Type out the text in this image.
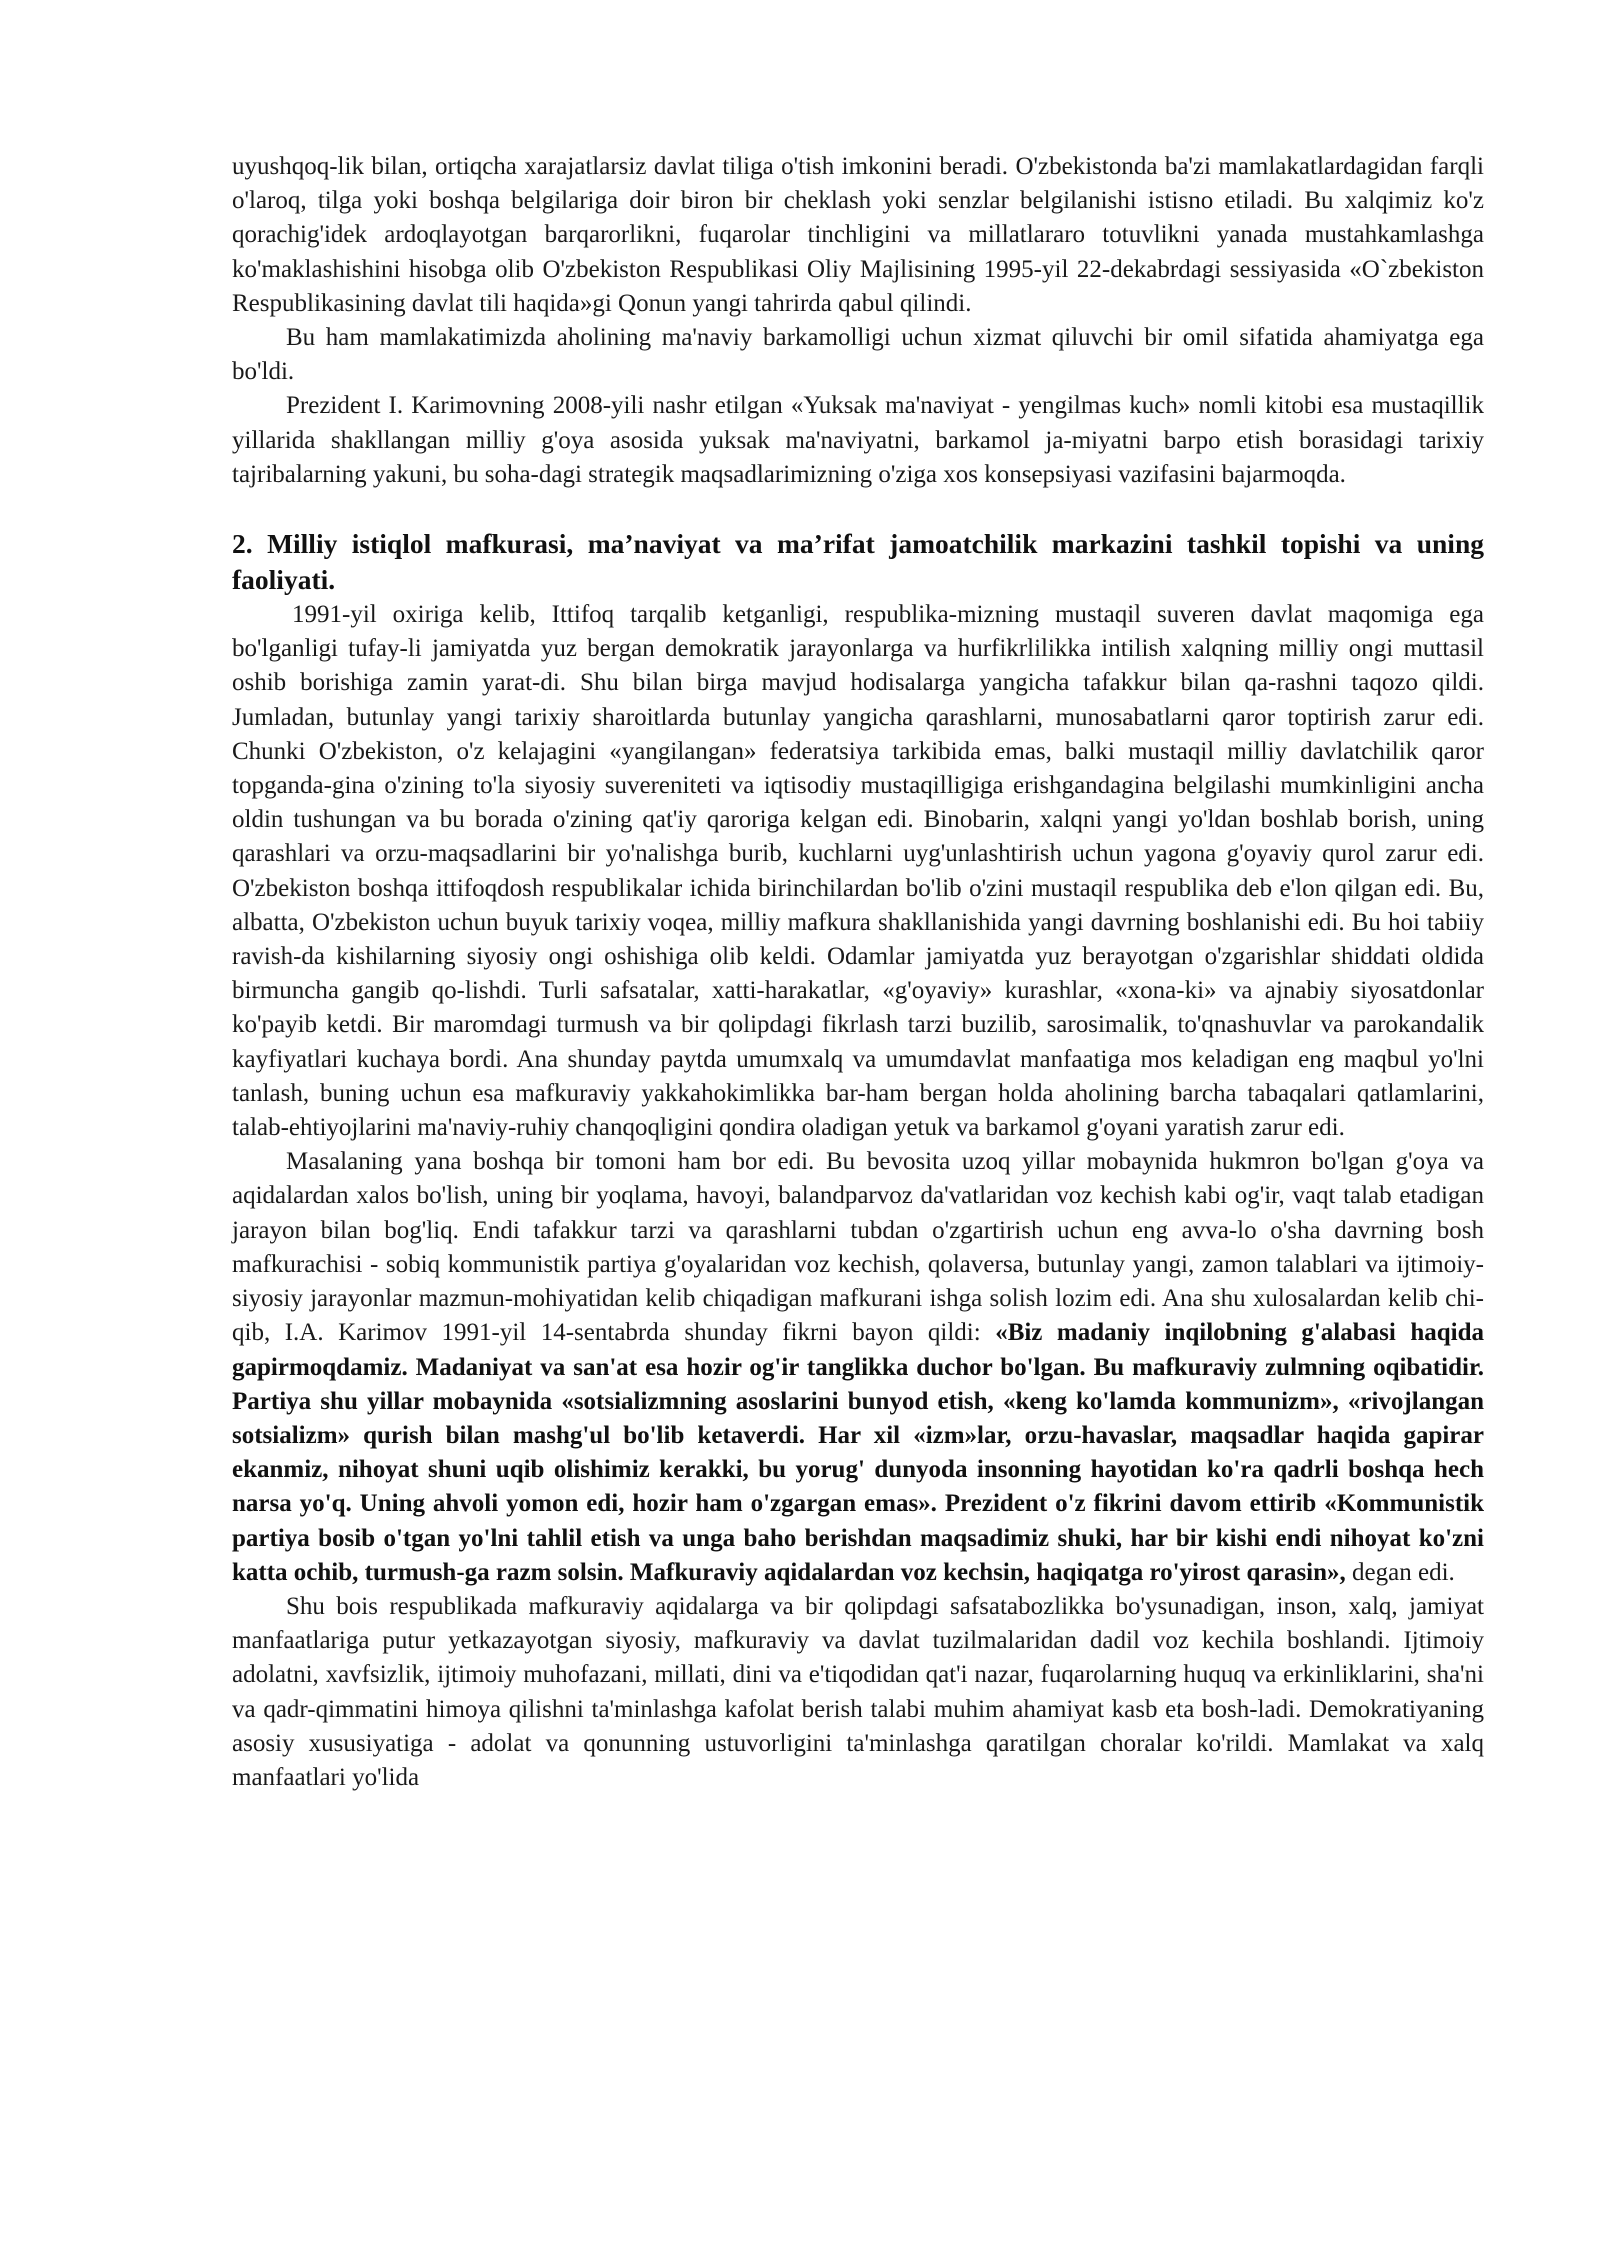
uyushqoq-lik bilan, ortiqcha xarajatlarsiz davlat tiliga o'tish imkonini beradi. O'zbekistonda ba'zi mamlakatlardagidan farqli o'laroq, tilga yoki boshqa belgilariga doir biron bir cheklash yoki senzlar belgilanishi istisno etiladi. Bu xalqimiz ko'z qorachig'idek ardoqlayotgan barqarorlikni, fuqarolar tinchligini va millatlararo totuvlikni yanada mustahkamlashga ko'maklashishini hisobga olib O'zbekiston Respublikasi Oliy Majlisining 1995-yil 22-dekabrdagi sessiyasida «O`zbekiston Respublikasining davlat tili haqida»gi Qonun yangi tahrirda qabul qilindi.

Bu ham mamlakatimizda aholining ma'naviy barkamolligi uchun xizmat qiluvchi bir omil sifatida ahamiyatga ega bo'ldi.

Prezident I. Karimovning 2008-yili nashr etilgan «Yuksak ma'naviyat - yengilmas kuch» nomli kitobi esa mustaqillik yillarida shakllangan milliy g'oya asosida yuksak ma'naviyatni, barkamol ja-miyatni barpo etish borasidagi tarixiy tajribalarning yakuni, bu soha-dagi strategik maqsadlarimizning o'ziga xos konsepsiyasi vazifasini bajarmoqda.

2. Milliy istiqlol mafkurasi, ma’naviyat va ma’rifat jamoatchilik markazini tashkil topishi va uning faoliyati.

1991-yil oxiriga kelib, Ittifoq tarqalib ketganligi, respublika-mizning mustaqil suveren davlat maqomiga ega bo'lganligi tufay-li jamiyatda yuz bergan demokratik jarayonlarga va hurfikrlilikka intilish xalqning milliy ongi muttasil oshib borishiga zamin yarat-di. Shu bilan birga mavjud hodisalarga yangicha tafakkur bilan qa-rashni taqozo qildi. Jumladan, butunlay yangi tarixiy sharoitlarda butunlay yangicha qarashlarni, munosabatlarni qaror toptirish zarur edi. Chunki O'zbekiston, o'z kelajagini «yangilangan» federatsiya tarkibida emas, balki mustaqil milliy davlatchilik qaror topganda-gina o'zining to'la siyosiy suvereniteti va iqtisodiy mustaqilligiga erishgandagina belgilashi mumkinligini ancha oldin tushungan va bu borada o'zining qat'iy qaroriga kelgan edi. Binobarin, xalqni yangi yo'ldan boshlab borish, uning qarashlari va orzu-maqsadlarini bir yo'nalishga burib, kuchlarni uyg'unlashtirish uchun yagona g'oyaviy qurol zarur edi. O'zbekiston boshqa ittifoqdosh respublikalar ichida birinchilardan bo'lib o'zini mustaqil respublika deb e'lon qilgan edi. Bu, albatta, O'zbekiston uchun buyuk tarixiy voqea, milliy mafkura shakllanishida yangi davrning boshlanishi edi. Bu hoi tabiiy ravish-da kishilarning siyosiy ongi oshishiga olib keldi. Odamlar jamiyatda yuz berayotgan o'zgarishlar shiddati oldida birmuncha gangib qo-lishdi. Turli safsatalar, xatti-harakatlar, «g'oyaviy» kurashlar, «xona-ki» va ajnabiy siyosatdonlar ko'payib ketdi. Bir maromdagi turmush va bir qolipdagi fikrlash tarzi buzilib, sarosimalik, to'qnashuvlar va parokandalik kayfiyatlari kuchaya bordi. Ana shunday paytda umumxalq va umumdavlat manfaatiga mos keladigan eng maqbul yo'lni tanlash, buning uchun esa mafkuraviy yakkahokimlikka bar-ham bergan holda aholining barcha tabaqalari qatlamlarini, talab-ehtiyojlarini ma'naviy-ruhiy chanqoqligini qondira oladigan yetuk va barkamol g'oyani yaratish zarur edi.

Masalaning yana boshqa bir tomoni ham bor edi. Bu bevosita uzoq yillar mobaynida hukmron bo'lgan g'oya va aqidalardan xalos bo'lish, uning bir yoqlama, havoyi, balandparvoz da'vatlaridan voz kechish kabi og'ir, vaqt talab etadigan jarayon bilan bog'liq. Endi tafakkur tarzi va qarashlarni tubdan o'zgartirish uchun eng avva-lo o'sha davrning bosh mafkurachisi - sobiq kommunistik partiya g'oyalaridan voz kechish, qolaversa, butunlay yangi, zamon talablari va ijtimoiy-siyosiy jarayonlar mazmun-mohiyatidan kelib chiqadigan mafkurani ishga solish lozim edi. Ana shu xulosalardan kelib chi-qib, I.A. Karimov 1991-yil 14-sentabrda shunday fikrni bayon qildi: «Biz madaniy inqilobning g'alabasi haqida gapirmoqdamiz. Madaniyat va san'at esa hozir og'ir tanglikka duchor bo'lgan. Bu mafkuraviy zulmning oqibatidir. Partiya shu yillar mobaynida «sotsializmning asoslarini bunyod etish, «keng ko'lamda kommunizm», «rivojlangan sotsializm» qurish bilan mashg'ul bo'lib ketaverdi. Har xil «izm»lar, orzu-havaslar, maqsadlar haqida gapirar ekanmiz, nihoyat shuni uqib olishimiz kerakki, bu yorug' dunyoda insonning hayotidan ko'ra qadrli boshqa hech narsa yo'q. Uning ahvoli yomon edi, hozir ham o'zgargan emas». Prezident o'z fikrini davom ettirib «Kommunistik partiya bosib o'tgan yo'lni tahlil etish va unga baho berishdan maqsadimiz shuki, har bir kishi endi nihoyat ko'zni katta ochib, turmush-ga razm solsin. Mafkuraviy aqidalardan voz kechsin, haqiqatga ro'yirost qarasin», degan edi.

Shu bois respublikada mafkuraviy aqidalarga va bir qolipdagi safsatabozlikka bo'ysunadigan, inson, xalq, jamiyat manfaatlariga putur yetkazayotgan siyosiy, mafkuraviy va davlat tuzilmalaridan dadil voz kechila boshlandi. Ijtimoiy adolatni, xavfsizlik, ijtimoiy muhofazani, millati, dini va e'tiqodidan qat'i nazar, fuqarolarning huquq va erkinliklarini, sha'ni va qadr-qimmatini himoya qilishni ta'minlashga kafolat berish talabi muhim ahamiyat kasb eta bosh-ladi. Demokratiyaning asosiy xususiyatiga - adolat va qonunning ustuvorligini ta'minlashga qaratilgan choralar ko'rildi. Mamlakat va xalq manfaatlari yo'lida
